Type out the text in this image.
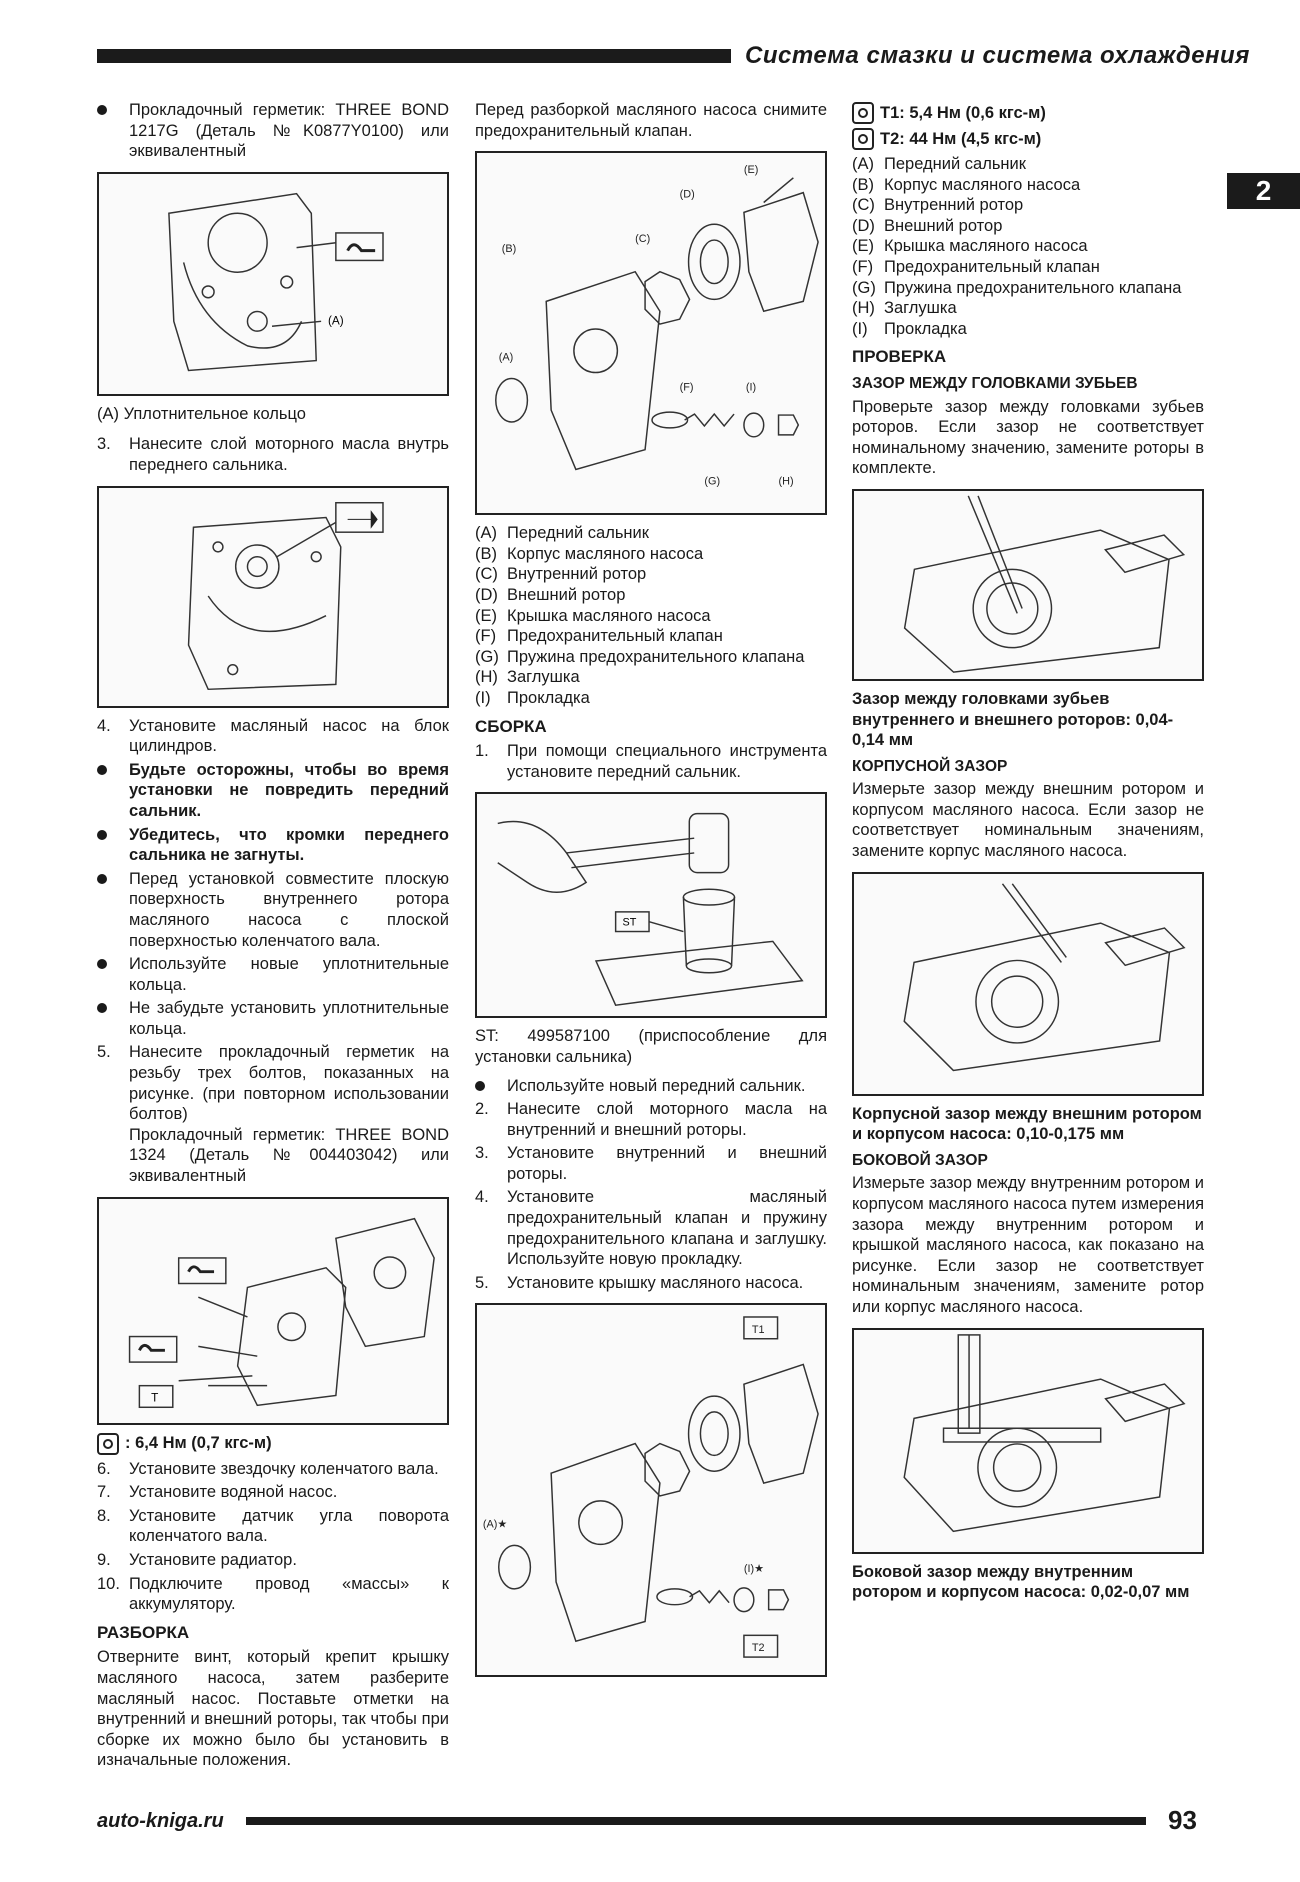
Система смазки и система охлаждения
2
Прокладочный герметик: THREE BOND 1217G (Деталь №K0877Y0100) или эквивалентный
(A)

(A) Уплотнительное кольцо

3.	Нанесите слой моторного масла внутрь переднего сальника.
4.	Установите масляный насос на блок цилиндров.
Будьте осторожны, чтобы во время установки не повредить передний сальник.
Убедитесь, что кромки переднего сальника не загнуты.
Перед установкой совместите плоскую поверхность внутреннего ротора масляного насоса с плоской поверхностью коленчатого вала.
Используйте новые уплотнительные кольца.
Не забудьте установить уплотнительные кольца.
5.	Нанесите прокладочный герметик на резьбу трех болтов, показанных на рисунке. (при повторном использовании болтов)
Прокладочный герметик: THREE BOND 1324 (Деталь №004403042) или эквивалентный
T
: 6,4 Нм (0,7 кгс-м)
6.	Установите звездочку коленчатого вала.
7.	Установите водяной насос.
8.	Установите датчик угла поворота коленчатого вала.
9.	Установите радиатор.
10. Подключите провод «массы» к аккумулятору.
РАЗБОРКА

Отверните винт, который крепит крышку масляного насоса, затем разберите масляный насос. Поставьте отметки на внутренний и внешний роторы, так чтобы при сборке их можно было бы установить в изначальные положения.

Перед разборкой масляного насоса снимите предохранительный клапан.

(A)
(B)
(C)
(D)
(E)
(F)
(G)	(H)
(I)
(A) Передний сальник
(B) Корпус масляного насоса
(C) Внутренний ротор
(D) Внешний ротор
(E) Крышка масляного насоса
(F) Предохранительный клапан
(G) Пружина предохранительного клапана
(H) Заглушка
(I) Прокладка
СБОРКА
1.	При помощи специального инструмента установите передний сальник.
ST

ST: 499587100 (приспособление для установки сальника)

Используйте новый передний сальник.
2.	Нанесите слой моторного масла на внутренний и внешний роторы.
3.	Установите внутренний и внешний роторы.
4.	Установите масляный предохранительный клапан и пружину предохранительного клапана и заглушку. Используйте новую прокладку.
5.	Установите крышку масляного насоса.
T1
T2
(A)★
(I)★
T1: 5,4 Нм (0,6 кгс-м)
T2: 44 Нм (4,5 кгс-м)
(A) Передний сальник
(B) Корпус масляного насоса
(C) Внутренний ротор
(D) Внешний ротор
(E) Крышка масляного насоса
(F) Предохранительный клапан
(G) Пружина предохранительного клапана
(H) Заглушка
(I) Прокладка
ПРОВЕРКА
ЗАЗОР МЕЖДУ ГОЛОВКАМИ ЗУБЬЕВ

Проверьте зазор между головками зубьев роторов. Если зазор не соответствует номинальному значению, замените роторы в комплекте.

Зазор между головками зубьев внутреннего и внешнего роторов: 0,04-0,14 мм

КОРПУСНОЙ ЗАЗОР

Измерьте зазор между внешним ротором и корпусом масляного насоса. Если зазор не соответствует номинальным значениям, замените корпус масляного насоса.

Корпусной зазор между внешним ротором и корпусом насоса: 0,10-0,175 мм

БОКОВОЙ ЗАЗОР

Измерьте зазор между внутренним ротором и корпусом масляного насоса путем измерения зазора между внутренним ротором и крышкой масляного насоса, как показано на рисунке. Если зазор не соответствует номинальным значениям, замените ротор или корпус масляного насоса.

Боковой зазор между внутренним ротором и корпусом насоса: 0,02-0,07 мм

auto-kniga.ru	93
